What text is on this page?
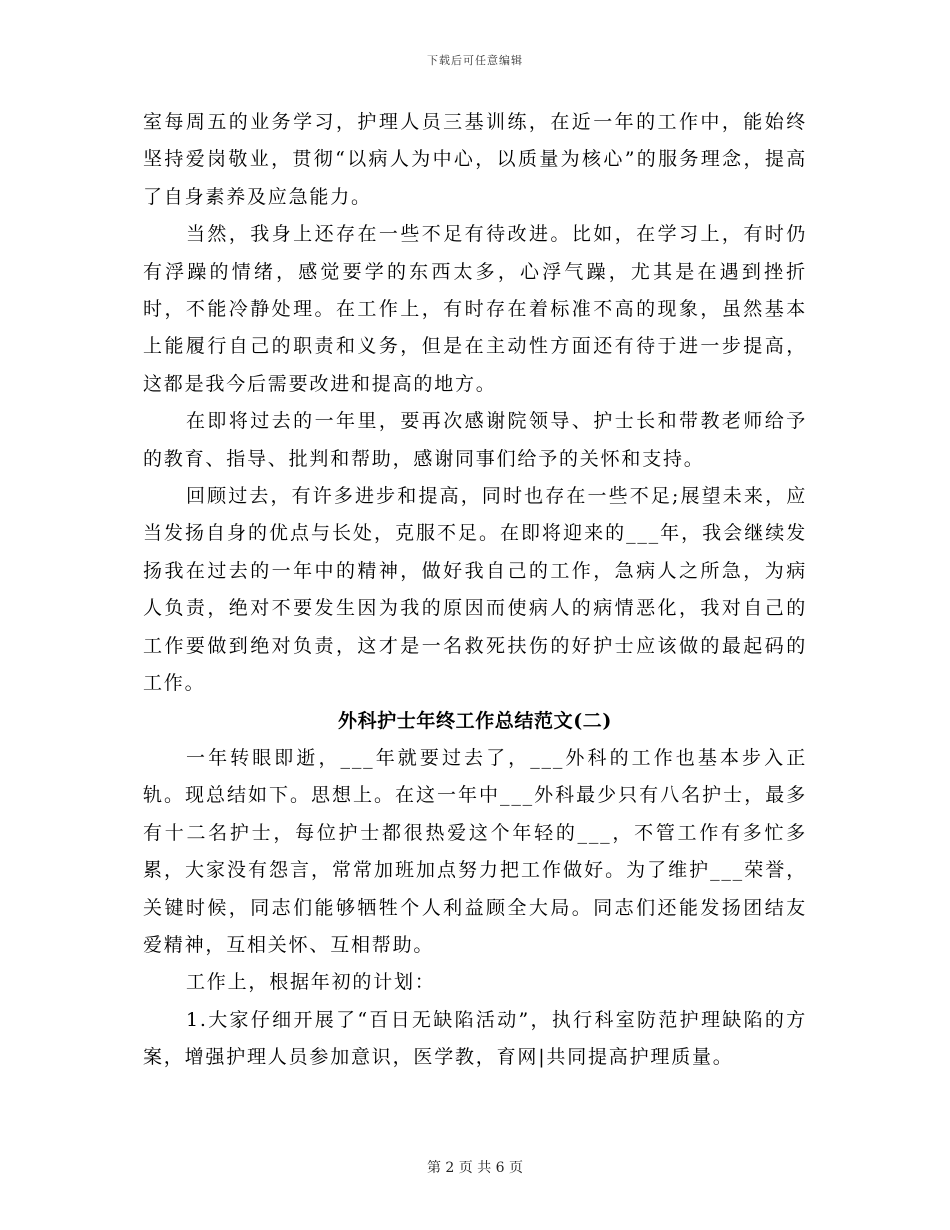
下载后可任意编辑

室每周五的业务学习，护理人员三基训练，在近一年的工作中，能始终坚持爱岗敬业，贯彻“以病人为中心，以质量为核心”的服务理念，提高了自身素养及应急能力。

当然，我身上还存在一些不足有待改进。比如，在学习上，有时仍有浮躁的情绪，感觉要学的东西太多，心浮气躁，尤其是在遇到挫折时，不能冷静处理。在工作上，有时存在着标准不高的现象，虽然基本上能履行自己的职责和义务，但是在主动性方面还有待于进一步提高，这都是我今后需要改进和提高的地方。

在即将过去的一年里，要再次感谢院领导、护士长和带教老师给予的教育、指导、批判和帮助，感谢同事们给予的关怀和支持。

回顾过去，有许多进步和提高，同时也存在一些不足;展望未来，应当发扬自身的优点与长处，克服不足。在即将迎来的___年，我会继续发扬我在过去的一年中的精神，做好我自己的工作，急病人之所急，为病人负责，绝对不要发生因为我的原因而使病人的病情恶化，我对自己的工作要做到绝对负责，这才是一名救死扶伤的好护士应该做的最起码的工作。

外科护士年终工作总结范文(二)

一年转眼即逝，___年就要过去了，___外科的工作也基本步入正轨。现总结如下。思想上。在这一年中___外科最少只有八名护士，最多有十二名护士，每位护士都很热爱这个年轻的___，不管工作有多忙多累，大家没有怨言，常常加班加点努力把工作做好。为了维护___荣誉，关键时候，同志们能够牺牲个人利益顾全大局。同志们还能发扬团结友爱精神，互相关怀、互相帮助。

工作上，根据年初的计划：

1.大家仔细开展了“百日无缺陷活动”，执行科室防范护理缺陷的方案，增强护理人员参加意识，医学教，育网|共同提高护理质量。

第 2 页 共 6 页
